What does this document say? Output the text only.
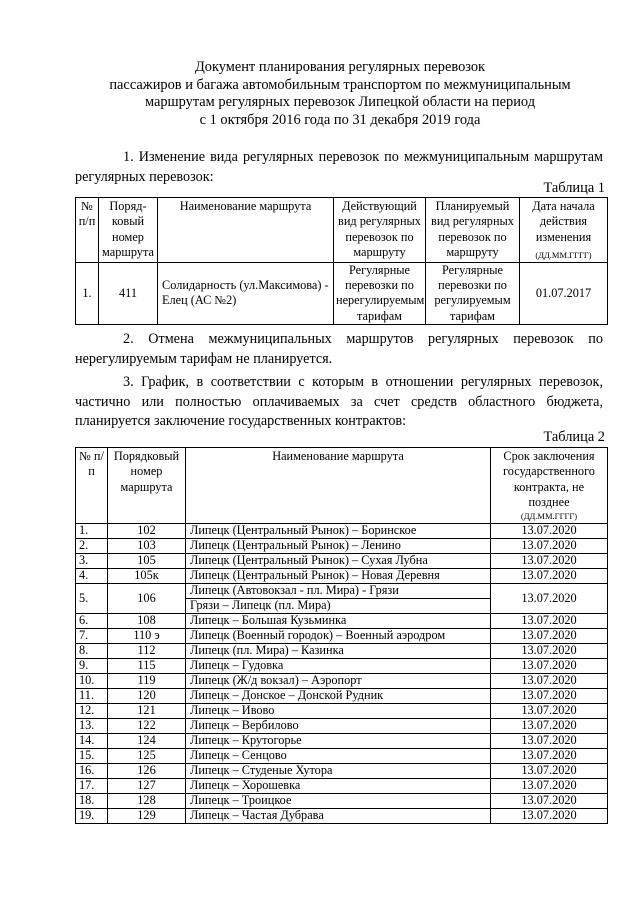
Документ планирования регулярных перевозок
пассажиров и багажа автомобильным транспортом по межмуниципальным
маршрутам регулярных перевозок Липецкой области на период
с 1 октября 2016 года по 31 декабря 2019 года
1. Изменение вида регулярных перевозок по межмуниципальным маршрутам регулярных перевозок:
Таблица 1
№ п/п	Поряд-ковый номер маршрута	Наименование маршрута	Действующий вид регулярных перевозок по маршруту	Планируемый вид регулярных перевозок по маршруту	Дата начала действия изменения
(ДД.ММ.ГГГГ)

1.	411	Солидарность (ул.Максимова) - Елец (АС №2)	Регулярные перевозки по нерегулируемым тарифам	Регулярные перевозки по регулируемым тарифам	01.07.2017
2. Отмена межмуниципальных маршрутов регулярных перевозок по нерегулируемым тарифам не планируется.
3. График, в соответствии с которым в отношении регулярных перевозок, частично или полностью оплачиваемых за счет средств областного бюджета, планируется заключение государственных контрактов:
Таблица 2
№ п/п	Порядковый номер маршрута	Наименование маршрута	Срок заключения государственного контракта, не позднее
(ДД.ММ.ГГГГ)

1.	102	Липецк (Центральный Рынок) – Боринское	13.07.2020
2.	103	Липецк (Центральный Рынок) – Ленино	13.07.2020
3.	105	Липецк (Центральный Рынок) – Сухая Лубна	13.07.2020
4.	105к	Липецк (Центральный Рынок) – Новая Деревня	13.07.2020
5.	106	Липецк (Автовокзал - пл. Мира) - Грязи	13.07.2020
		Грязи – Липецк (пл. Мира)	
6.	108	Липецк – Большая Кузьминка	13.07.2020
7.	110 э	Липецк (Военный городок) – Военный аэродром	13.07.2020
8.	112	Липецк (пл. Мира) – Казинка	13.07.2020
9.	115	Липецк – Гудовка	13.07.2020
10.	119	Липецк (Ж/д вокзал) – Аэропорт	13.07.2020
11.	120	Липецк – Донское – Донской Рудник	13.07.2020
12.	121	Липецк – Ивово	13.07.2020
13.	122	Липецк – Вербилово	13.07.2020
14.	124	Липецк – Крутогорье	13.07.2020
15.	125	Липецк – Сенцово	13.07.2020
16.	126	Липецк – Студеные Хутора	13.07.2020
17.	127	Липецк – Хорошевка	13.07.2020
18.	128	Липецк – Троицкое	13.07.2020
19.	129	Липецк – Частая Дубрава	13.07.2020
